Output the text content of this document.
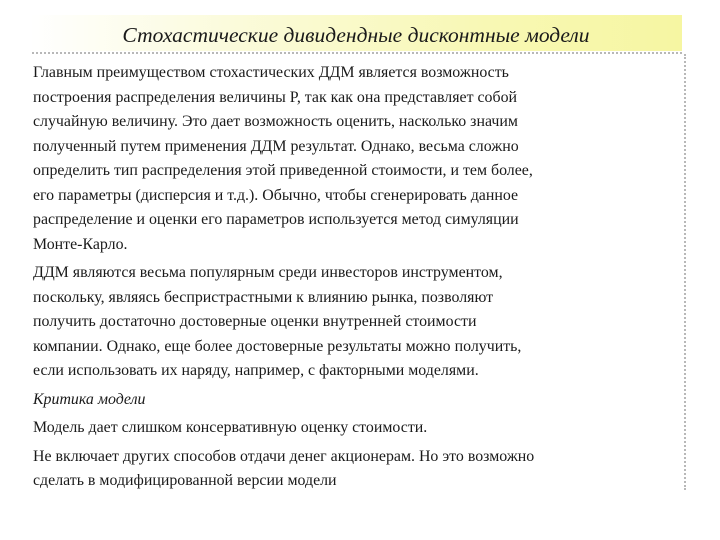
Стохастические дивидендные дисконтные модели
Главным преимуществом стохастических ДДМ является возможность
построения распределения величины P, так как она представляет собой
случайную величину. Это дает возможность оценить, насколько значим
полученный путем применения ДДМ результат. Однако, весьма сложно
определить тип распределения этой приведенной стоимости, и тем более,
его параметры (дисперсия и т.д.). Обычно, чтобы сгенерировать данное
распределение и оценки его параметров используется метод симуляции
Монте-Карло.
ДДМ являются весьма популярным среди инвесторов инструментом,
поскольку, являясь беспристрастными к влиянию рынка, позволяют
получить достаточно достоверные оценки внутренней стоимости
компании. Однако, еще более достоверные результаты можно получить,
если использовать их наряду, например, с факторными моделями.
Критика модели
Модель дает слишком консервативную оценку стоимости.
Не включает других способов отдачи денег акционерам. Но это возможно
сделать в модифицированной версии модели
